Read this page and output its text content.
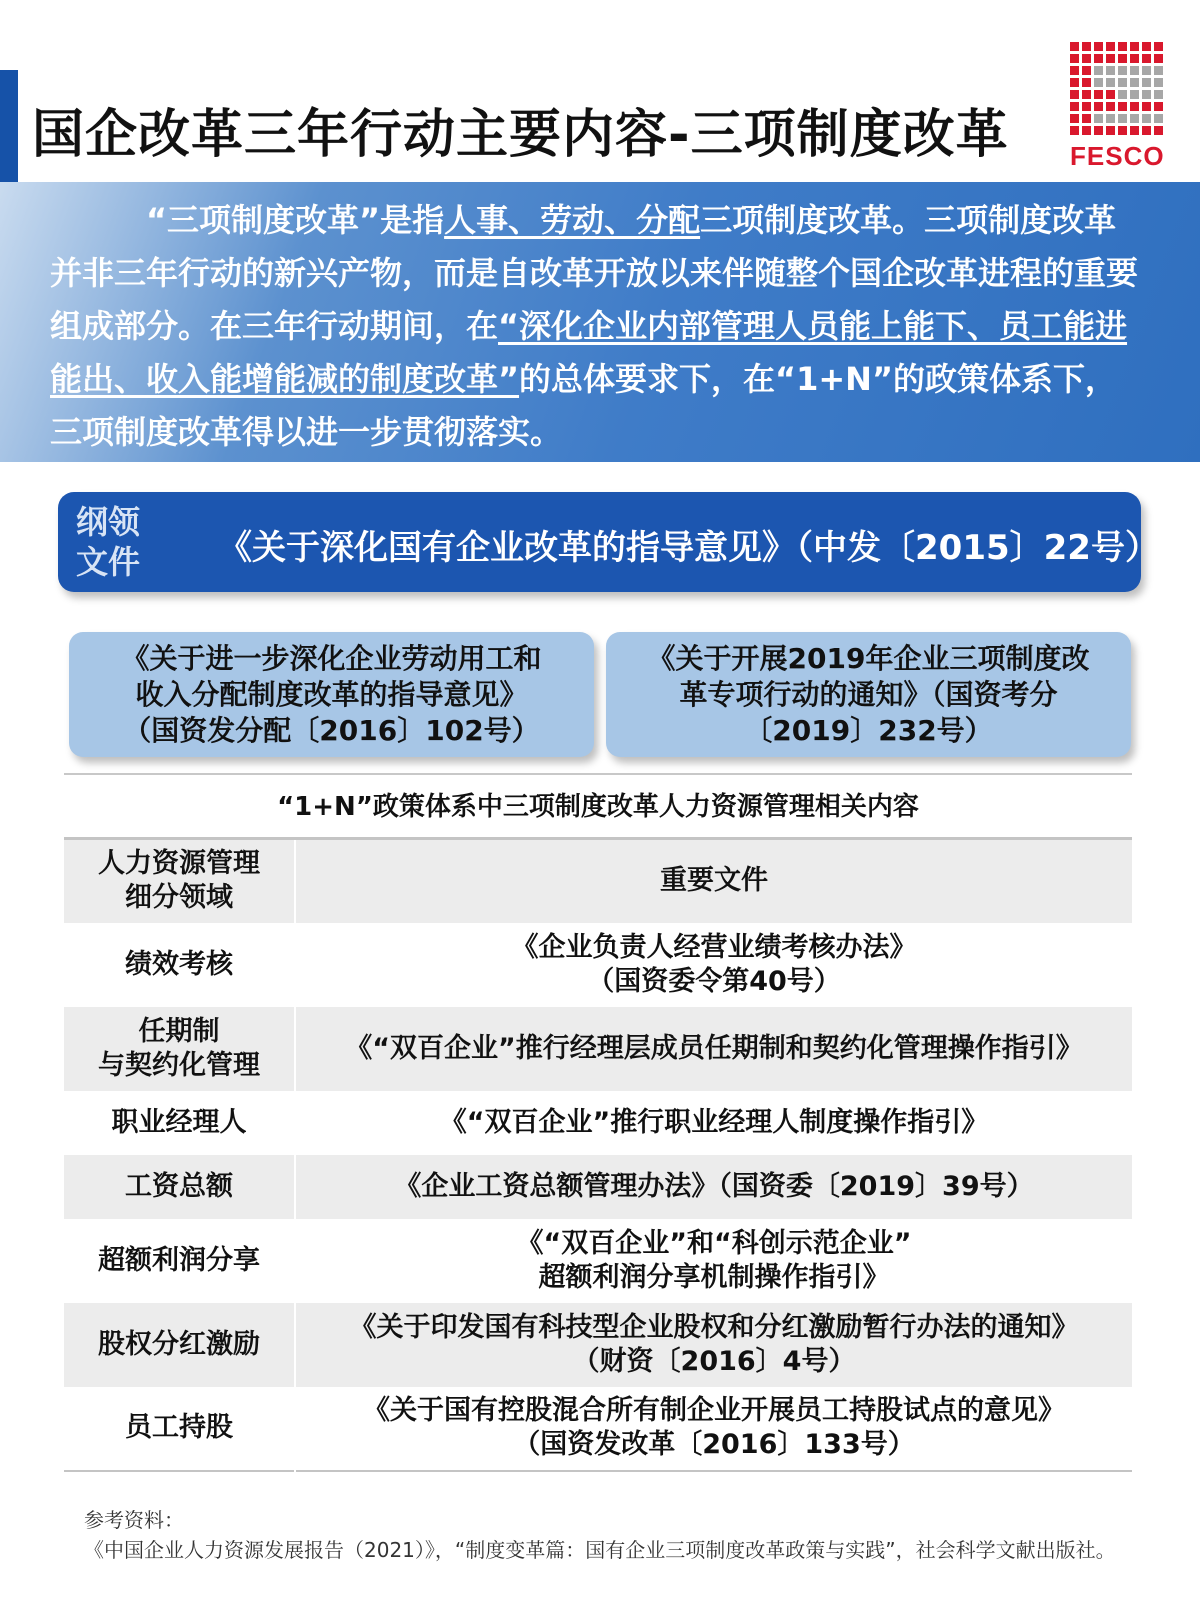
国企改革三年行动主要内容-三项制度改革 FESCO
“三项制度改革”是指人事、劳动、分配三项制度改革。三项制度改革并非三年行动的新兴产物，而是自改革开放以来伴随整个国企改革进程的重要组成部分。在三年行动期间，在“深化企业内部管理人员能上能下、员工能进能出、收入能增能减的制度改革”的总体要求下，在“1+N”的政策体系下，三项制度改革得以进一步贯彻落实。
纲领文件 《关于深化国有企业改革的指导意见》（中发〔2015〕22号）
《关于进一步深化企业劳动用工和
收入分配制度改革的指导意见》
（国资发分配〔2016〕102号）
《关于开展2019年企业三项制度改
革专项行动的通知》（国资考分
〔2019〕232号）
“1+N”政策体系中三项制度改革人力资源管理相关内容
人力资源管理
细分领域	重要文件
绩效考核	《企业负责人经营业绩考核办法》
（国资委令第40号）

任期制
与契约化管理	《“双百企业”推行经理层成员任期制和契约化管理操作指引》
职业经理人	《“双百企业”推行职业经理人制度操作指引》
工资总额	《企业工资总额管理办法》（国资委〔2019〕39号）
超额利润分享	《“双百企业”和“科创示范企业”
超额利润分享机制操作指引》

股权分红激励	《关于印发国有科技型企业股权和分红激励暂行办法的通知》
（财资〔2016〕4号）

员工持股	《关于国有控股混合所有制企业开展员工持股试点的意见》
（国资发改革〔2016〕133号）
参考资料：
《中国企业人力资源发展报告（2021）》，“制度变革篇：国有企业三项制度改革政策与实践”，社会科学文献出版社。
